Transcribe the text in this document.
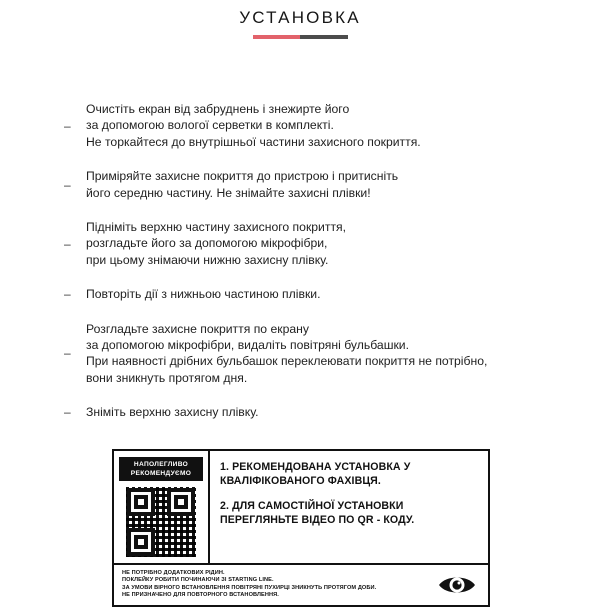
УСТАНОВКА
–
Очистіть екран від забруднень і знежирте його
за допомогою вологої серветки в комплекті.
Не торкайтеся до внутрішньої частини захисного покриття.
–
Приміряйте захисне покриття до пристрою і притисніть
його середню частину. Не знімайте захисні плівки!
–
Підніміть верхню частину захисного покриття,
розгладьте його за допомогою мікрофібри,
при цьому знімаючи нижню захисну плівку.
–	Повторіть дії з нижньою частиною плівки.
–
Розгладьте захисне покриття по екрану
за допомогою мікрофібри, видаліть повітряні бульбашки.
При наявності дрібних бульбашок переклеювати покриття не потрібно,
вони зникнуть протягом дня.
–	Зніміть верхню захисну плівку.
НАПОЛЕГЛИВО
РЕКОМЕНДУЄМО

1. РЕКОМЕНДОВАНА УСТАНОВКА У КВАЛІФІКОВАНОГО ФАХІВЦЯ.

2. ДЛЯ САМОСТІЙНОЇ УСТАНОВКИ ПЕРЕГЛЯНЬТЕ ВІДЕО ПО QR - КОДУ.

НЕ ПОТРІБНО ДОДАТКОВИХ РІДИН.
ПОКЛЕЙКУ РОБИТИ ПОЧИНАЮЧИ ЗІ STARTING LINE.
ЗА УМОВИ ВІРНОГО ВСТАНОВЛЕННЯ ПОВІТРЯНІ ПУХИРЦІ ЗНИКНУТЬ ПРОТЯГОМ ДОБИ.
НЕ ПРИЗНАЧЕНО ДЛЯ ПОВТОРНОГО ВСТАНОВЛЕННЯ.
